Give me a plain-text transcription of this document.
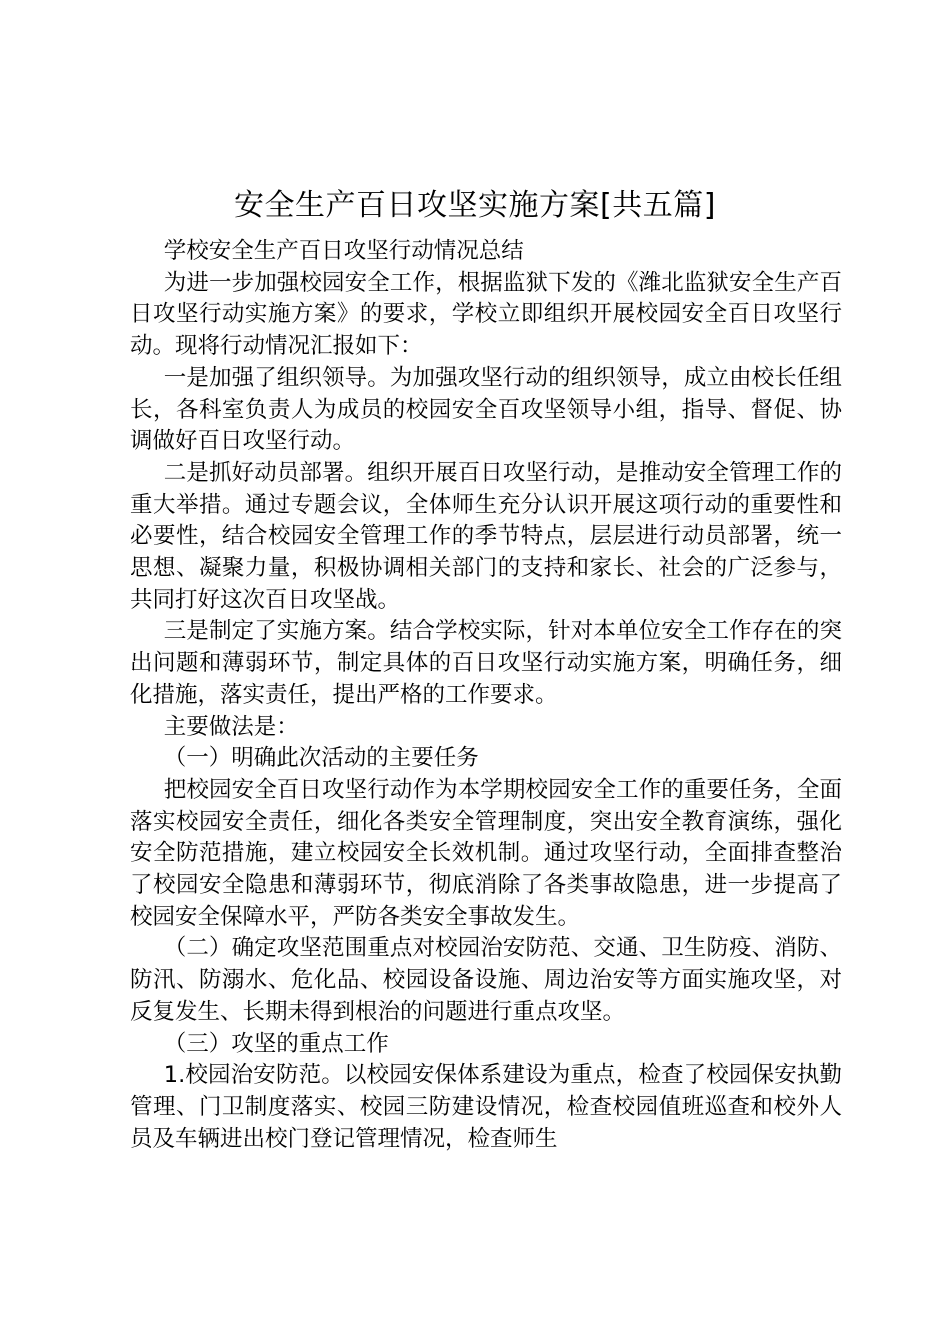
安全生产百日攻坚实施方案[共五篇]

学校安全生产百日攻坚行动情况总结

为进一步加强校园安全工作，根据监狱下发的《潍北监狱安全生产百日攻坚行动实施方案》的要求，学校立即组织开展校园安全百日攻坚行动。现将行动情况汇报如下：

一是加强了组织领导。为加强攻坚行动的组织领导，成立由校长任组长，各科室负责人为成员的校园安全百攻坚领导小组，指导、督促、协调做好百日攻坚行动。

二是抓好动员部署。组织开展百日攻坚行动，是推动安全管理工作的重大举措。通过专题会议，全体师生充分认识开展这项行动的重要性和必要性，结合校园安全管理工作的季节特点，层层进行动员部署，统一思想、凝聚力量，积极协调相关部门的支持和家长、社会的广泛参与，共同打好这次百日攻坚战。

三是制定了实施方案。结合学校实际，针对本单位安全工作存在的突出问题和薄弱环节，制定具体的百日攻坚行动实施方案，明确任务，细化措施，落实责任，提出严格的工作要求。

主要做法是：

（一）明确此次活动的主要任务

把校园安全百日攻坚行动作为本学期校园安全工作的重要任务，全面落实校园安全责任，细化各类安全管理制度，突出安全教育演练，强化安全防范措施，建立校园安全长效机制。通过攻坚行动，全面排查整治了校园安全隐患和薄弱环节，彻底消除了各类事故隐患，进一步提高了校园安全保障水平，严防各类安全事故发生。

（二）确定攻坚范围重点对校园治安防范、交通、卫生防疫、消防、防汛、防溺水、危化品、校园设备设施、周边治安等方面实施攻坚，对反复发生、长期未得到根治的问题进行重点攻坚。

（三）攻坚的重点工作

1.校园治安防范。以校园安保体系建设为重点，检查了校园保安执勤管理、门卫制度落实、校园三防建设情况，检查校园值班巡查和校外人员及车辆进出校门登记管理情况，检查师生
